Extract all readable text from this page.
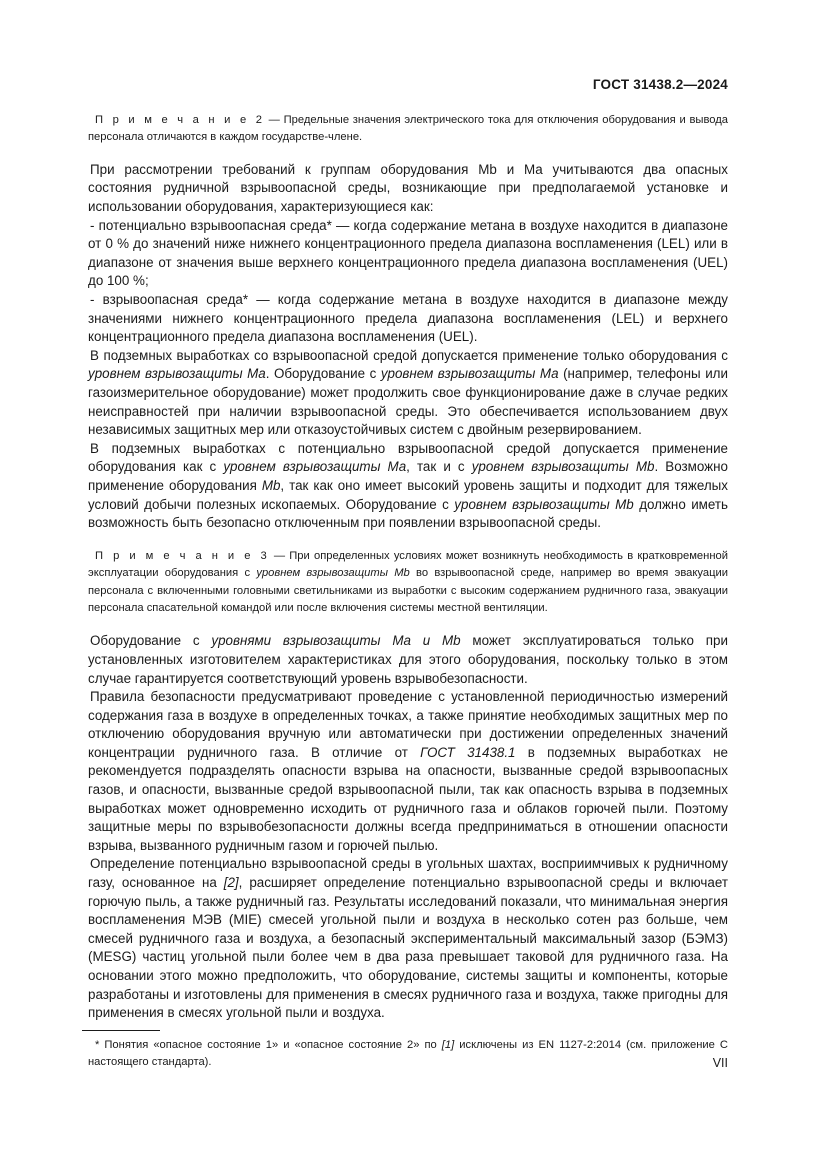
ГОСТ 31438.2—2024

П р и м е ч а н и е 2 — Предельные значения электрического тока для отключения оборудования и вывода персонала отличаются в каждом государстве-члене.

При рассмотрении требований к группам оборудования Mb и Ma учитываются два опасных состояния рудничной взрывоопасной среды, возникающие при предполагаемой установке и использовании оборудования, характеризующиеся как:

- потенциально взрывоопасная среда* — когда содержание метана в воздухе находится в диапазоне от 0 % до значений ниже нижнего концентрационного предела диапазона воспламенения (LEL) или в диапазоне от значения выше верхнего концентрационного предела диапазона воспламенения (UEL) до 100 %;

- взрывоопасная среда* — когда содержание метана в воздухе находится в диапазоне между значениями нижнего концентрационного предела диапазона воспламенения (LEL) и верхнего концентрационного предела диапазона воспламенения (UEL).

В подземных выработках со взрывоопасной средой допускается применение только оборудования с уровнем взрывозащиты Ma. Оборудование с уровнем взрывозащиты Ma (например, телефоны или газоизмерительное оборудование) может продолжить свое функционирование даже в случае редких неисправностей при наличии взрывоопасной среды. Это обеспечивается использованием двух независимых защитных мер или отказоустойчивых систем с двойным резервированием.

В подземных выработках с потенциально взрывоопасной средой допускается применение оборудования как с уровнем взрывозащиты Ma, так и с уровнем взрывозащиты Mb. Возможно применение оборудования Mb, так как оно имеет высокий уровень защиты и подходит для тяжелых условий добычи полезных ископаемых. Оборудование с уровнем взрывозащиты Mb должно иметь возможность быть безопасно отключенным при появлении взрывоопасной среды.

П р и м е ч а н и е 3 — При определенных условиях может возникнуть необходимость в кратковременной эксплуатации оборудования с уровнем взрывозащиты Mb во взрывоопасной среде, например во время эвакуации персонала с включенными головными светильниками из выработки с высоким содержанием рудничного газа, эвакуации персонала спасательной командой или после включения системы местной вентиляции.

Оборудование с уровнями взрывозащиты Ma и Mb может эксплуатироваться только при установленных изготовителем характеристиках для этого оборудования, поскольку только в этом случае гарантируется соответствующий уровень взрывобезопасности.

Правила безопасности предусматривают проведение с установленной периодичностью измерений содержания газа в воздухе в определенных точках, а также принятие необходимых защитных мер по отключению оборудования вручную или автоматически при достижении определенных значений концентрации рудничного газа. В отличие от ГОСТ 31438.1 в подземных выработках не рекомендуется подразделять опасности взрыва на опасности, вызванные средой взрывоопасных газов, и опасности, вызванные средой взрывоопасной пыли, так как опасность взрыва в подземных выработках может одновременно исходить от рудничного газа и облаков горючей пыли. Поэтому защитные меры по взрывобезопасности должны всегда предприниматься в отношении опасности взрыва, вызванного рудничным газом и горючей пылью.

Определение потенциально взрывоопасной среды в угольных шахтах, восприимчивых к рудничному газу, основанное на [2], расширяет определение потенциально взрывоопасной среды и включает горючую пыль, а также рудничный газ. Результаты исследований показали, что минимальная энергия воспламенения МЭВ (MIE) смесей угольной пыли и воздуха в несколько сотен раз больше, чем смесей рудничного газа и воздуха, а безопасный экспериментальный максимальный зазор (БЭМЗ) (MESG) частиц угольной пыли более чем в два раза превышает таковой для рудничного газа. На основании этого можно предположить, что оборудование, системы защиты и компоненты, которые разработаны и изготовлены для применения в смесях рудничного газа и воздуха, также пригодны для применения в смесях угольной пыли и воздуха.

* Понятия «опасное состояние 1» и «опасное состояние 2» по [1] исключены из EN 1127-2:2014 (см. приложение С настоящего стандарта).	VII
